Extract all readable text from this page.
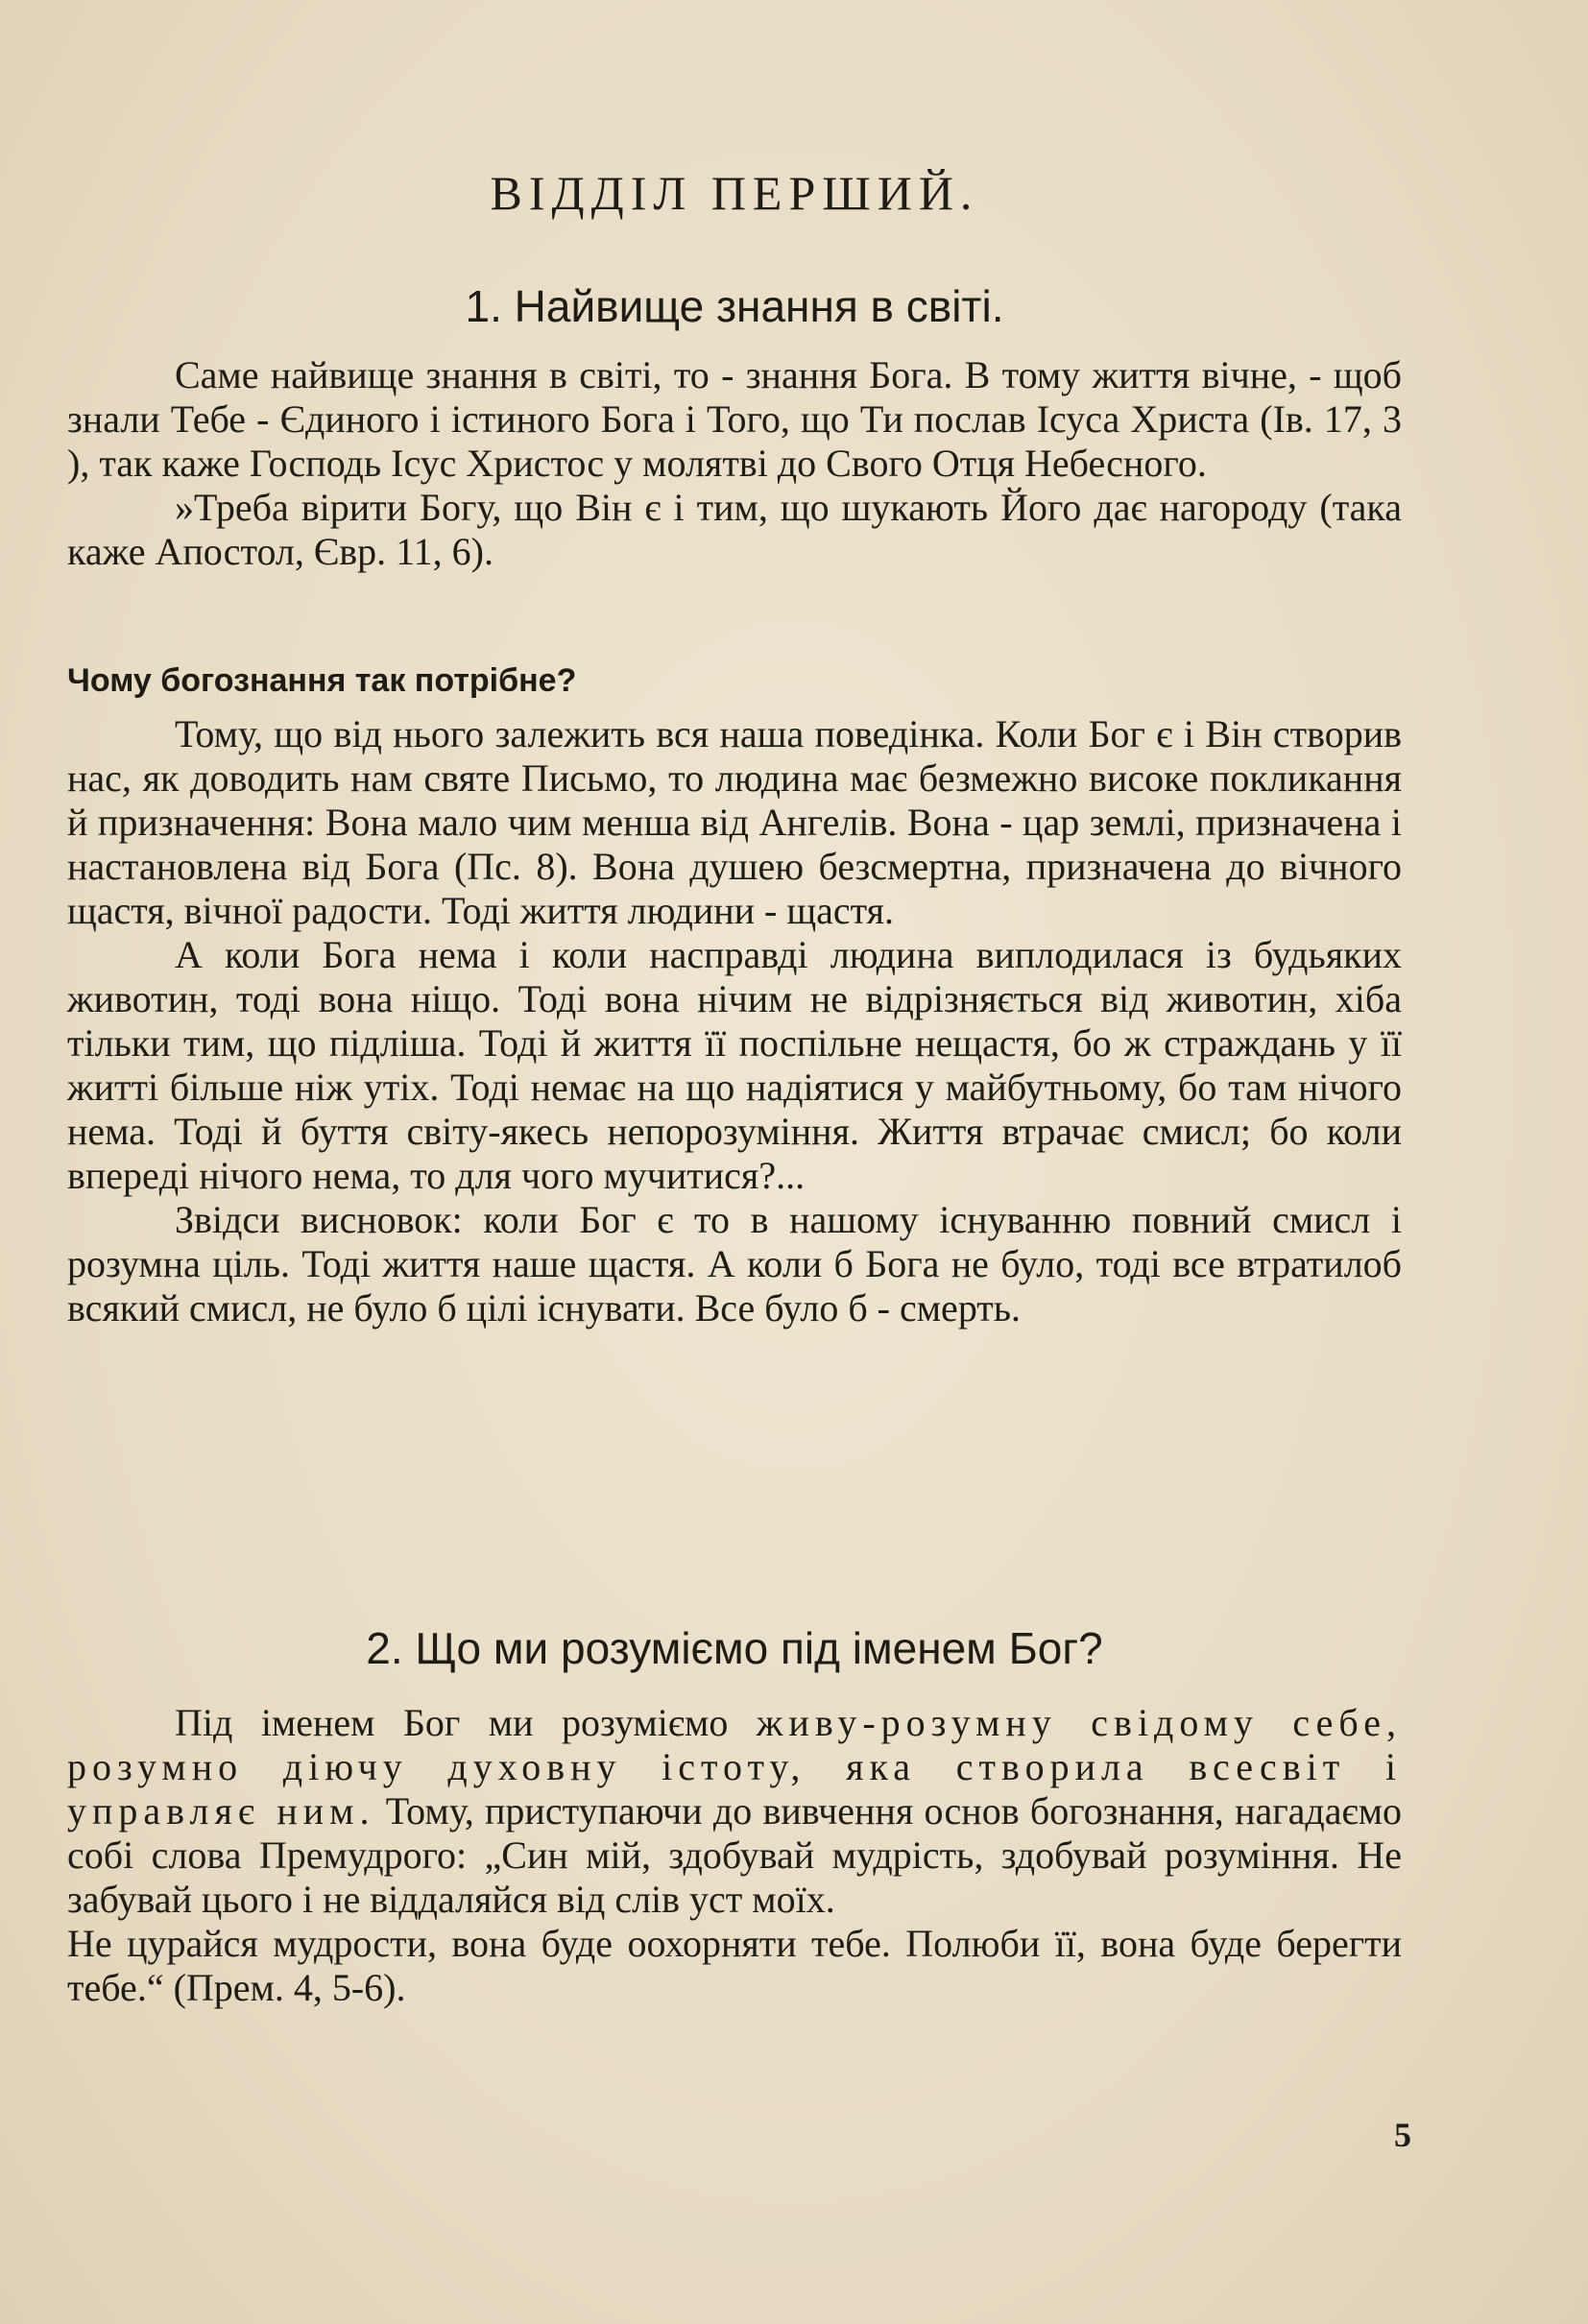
ВІДДІЛ ПЕРШИЙ.
1. Найвище знання в світі.

Саме найвище знання в світі, то - знання Бога. В тому життя вічне, - щоб знали Тебе - Єдиного і істиного Бога і Того, що Ти послав Ісуса Христа (Ів. 17, 3 ), так каже Господь Ісус Христос у молятві до Свого Отця Небесного.

»Треба вірити Богу, що Він є і тим, що шукають Його дає нагороду (така каже Апостол, Євр. 11, 6).

Чому богознання так потрібне?

Тому, що від нього залежить вся наша поведінка. Коли Бог є і Він створив нас, як доводить нам святе Письмо, то людина має безмежно високе покликання й призначення: Вона мало чим менша від Ангелів. Вона - цар землі, призначена і настановлена від Бога (Пс. 8). Вона душею безсмертна, призначена до вічного щастя, вічної радости. Тоді життя людини - щастя.

А коли Бога нема і коли насправді людина виплодилася із будьяких животин, тоді вона ніщо. Тоді вона нічим не відрізняється від животин, хіба тільки тим, що підліша. Тоді й життя її поспільне нещастя, бо ж страждань у її житті більше ніж утіх. Тоді немає на що надіятися у майбутньому, бо там нічого нема. Тоді й буття світу-якесь непорозуміння. Життя втрачає смисл; бо коли вперeді нічого нема, то для чого мучитися?...

Звідси висновок: коли Бог є то в нашому існуванню повний смисл і розумна ціль. Тоді життя наше щастя. А коли б Бога не було, тоді все втратилоб всякий смисл, не було б цілі існувати. Все було б - смерть.

2. Що ми розуміємо під іменем Бог?

Під іменем Бог ми розуміємо живу-розумну свідому себе, розумно діючу духовну істоту, яка створила всесвіт і управляє ним. Тому, приступаючи до вивчення основ богознання, нагадаємо собі слова Премудрого: „Син мій, здобувай мудрість, здобувай розуміння. Не забувай цього і не віддаляйся від слів уст моїх.

Не цурайся мудрости, вона буде оохорняти тебе. Полюби її, вона буде берегти тебе.“ (Прем. 4, 5-6).

5
